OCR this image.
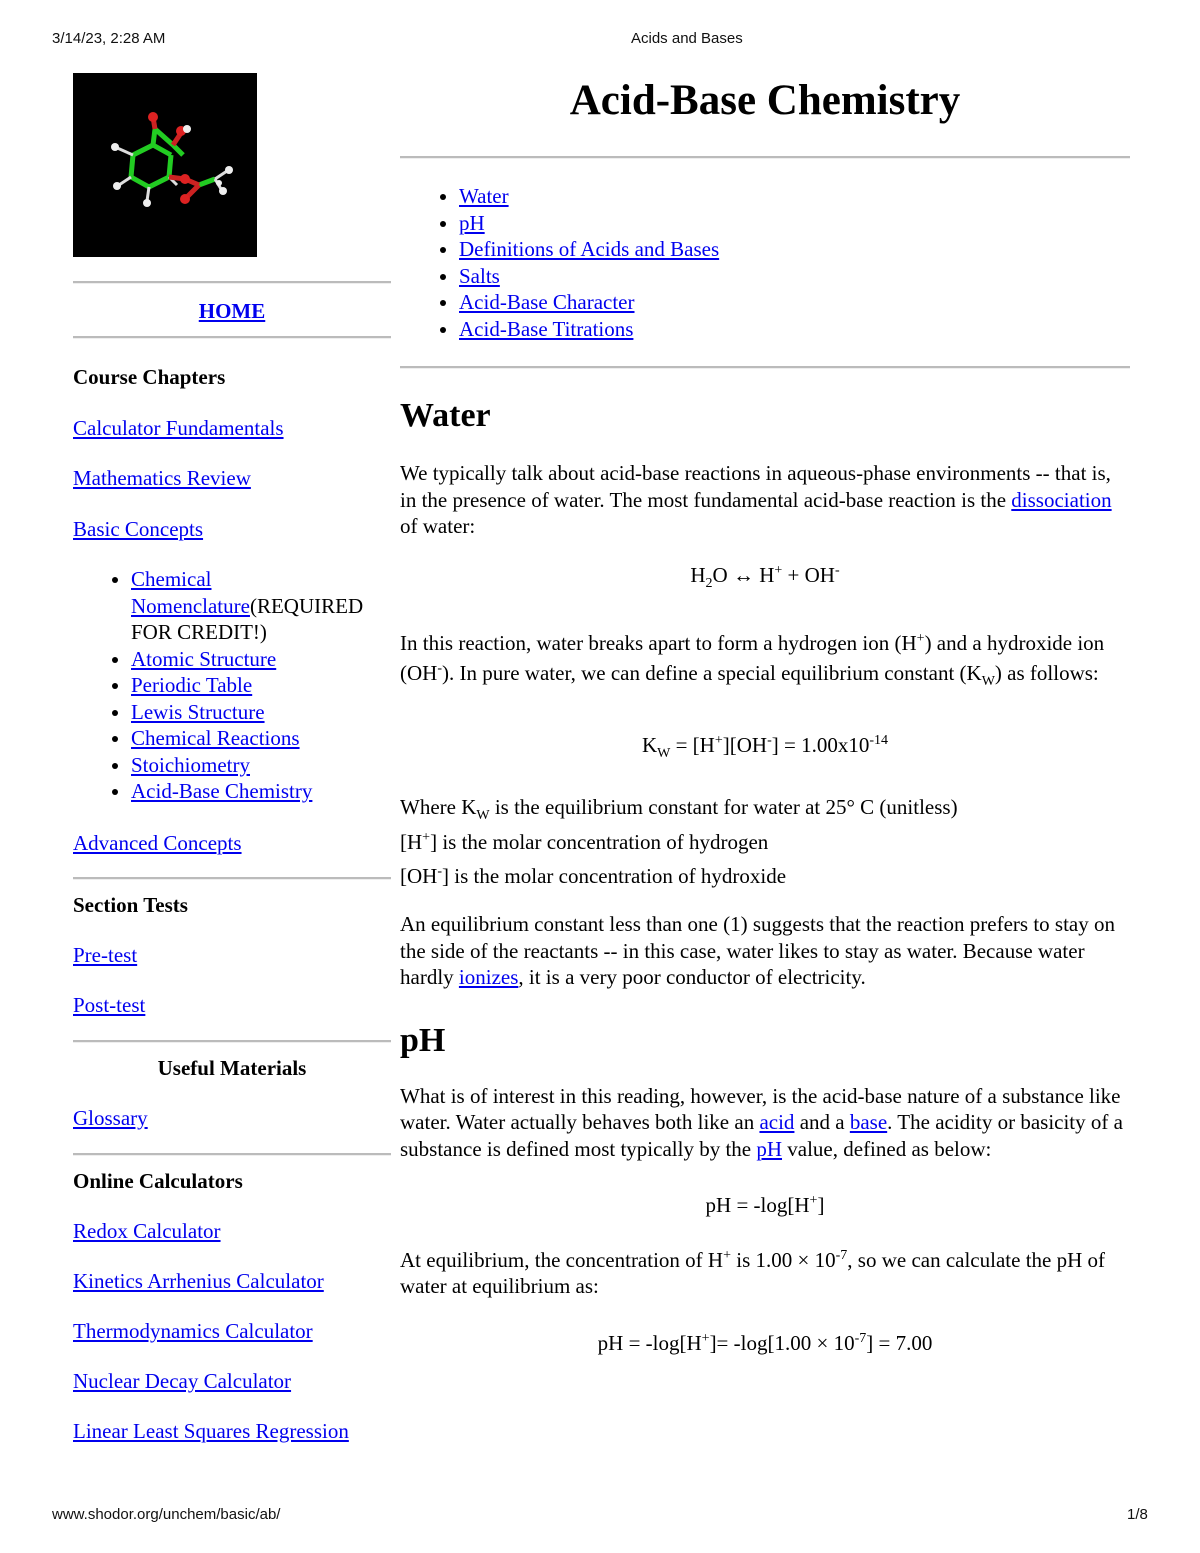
3/14/23, 2:28 AM	Acids and Bases
HOME
Course Chapters

Calculator Fundamentals

Mathematics Review

Basic Concepts

• Chemical Nomenclature(REQUIRED FOR CREDIT!)
• Atomic Structure
• Periodic Table
• Lewis Structure
• Chemical Reactions
• Stoichiometry
• Acid-Base Chemistry

Advanced Concepts

Section Tests

Pre-test

Post-test

Useful Materials

Glossary

Online Calculators

Redox Calculator

Kinetics Arrhenius Calculator

Thermodynamics Calculator

Nuclear Decay Calculator

Linear Least Squares Regression

Acid-Base Chemistry
• Water
• pH
• Definitions of Acids and Bases
• Salts
• Acid-Base Character
• Acid-Base Titrations
Water

We typically talk about acid-base reactions in aqueous-phase environments -- that is, in the presence of water. The most fundamental acid-base reaction is the dissociation of water:

$H_2O$ ↔ H+ + OH-

In this reaction, water breaks apart to form a hydrogen ion (H+) and a hydroxide ion (OH-). In pure water, we can define a special equilibrium constant $(K_W)$ as follows:

$K_W = [H^+][OH^-] = 1.00x10^{-14}$

Where $K_W$ is the equilibrium constant for water at 25° C (unitless)

[H+] is the molar concentration of hydrogen

[OH-] is the molar concentration of hydroxide

An equilibrium constant less than one (1) suggests that the reaction prefers to stay on the side of the reactants -- in this case, water likes to stay as water. Because water hardly ionizes, it is a very poor conductor of electricity.

pH

What is of interest in this reading, however, is the acid-base nature of a substance like water. Water actually behaves both like an acid and a base. The acidity or basicity of a substance is defined most typically by the pH value, defined as below:

pH = -log[H+]

At equilibrium, the concentration of H+ is $1.00 \times 10^{-7}$, so we can calculate the pH of water at equilibrium as:

pH = $-\log[H^+]= -\log[1.00 \times 10^{-7}] = 7.00$

www.shodor.org/unchem/basic/ab/	1/8
